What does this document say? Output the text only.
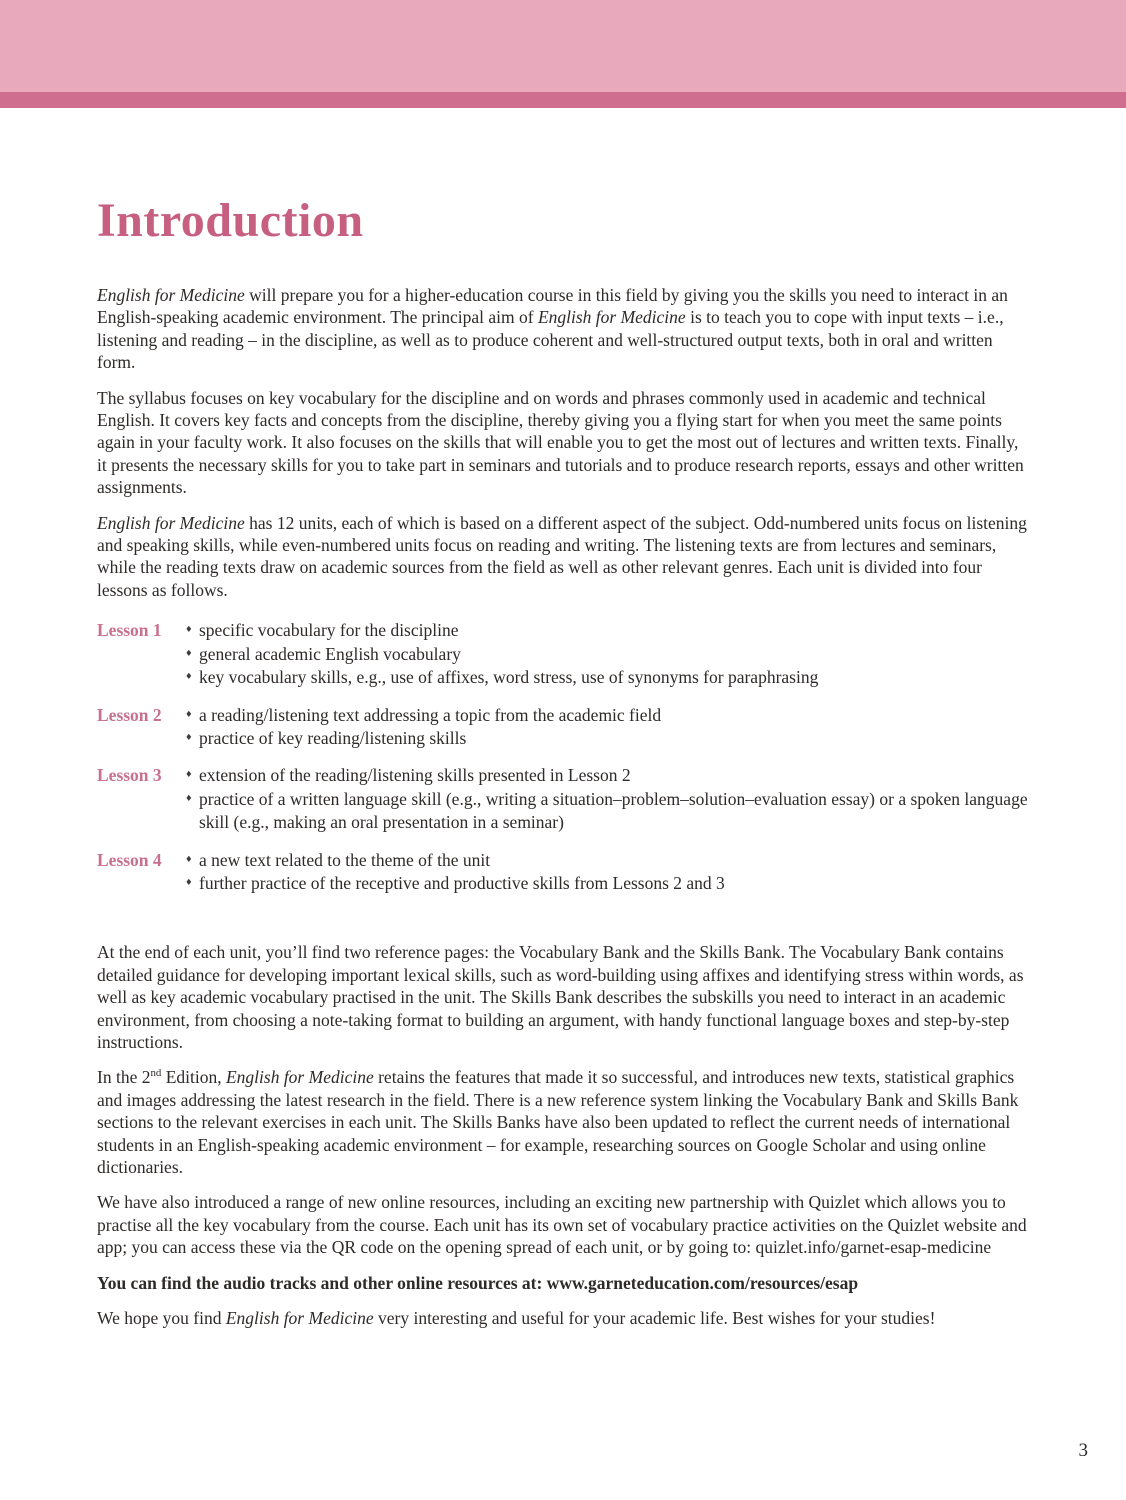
Introduction

English for Medicine will prepare you for a higher-education course in this field by giving you the skills you need to interact in an English-speaking academic environment. The principal aim of English for Medicine is to teach you to cope with input texts – i.e., listening and reading – in the discipline, as well as to produce coherent and well-structured output texts, both in oral and written form.

The syllabus focuses on key vocabulary for the discipline and on words and phrases commonly used in academic and technical English. It covers key facts and concepts from the discipline, thereby giving you a flying start for when you meet the same points again in your faculty work. It also focuses on the skills that will enable you to get the most out of lectures and written texts. Finally, it presents the necessary skills for you to take part in seminars and tutorials and to produce research reports, essays and other written assignments.

English for Medicine has 12 units, each of which is based on a different aspect of the subject. Odd-numbered units focus on listening and speaking skills, while even-numbered units focus on reading and writing. The listening texts are from lectures and seminars, while the reading texts draw on academic sources from the field as well as other relevant genres. Each unit is divided into four lessons as follows.

Lesson 1	♦ specific vocabulary for the discipline
♦ general academic English vocabulary
♦ key vocabulary skills, e.g., use of affixes, word stress, use of synonyms for paraphrasing
Lesson 2	♦ a reading/listening text addressing a topic from the academic field
♦ practice of key reading/listening skills
Lesson 3	♦ extension of the reading/listening skills presented in Lesson 2
♦ practice of a written language skill (e.g., writing a situation–problem–solution–evaluation essay) or a spoken language skill (e.g., making an oral presentation in a seminar)
Lesson 4	♦ a new text related to the theme of the unit
♦ further practice of the receptive and productive skills from Lessons 2 and 3

At the end of each unit, you’ll find two reference pages: the Vocabulary Bank and the Skills Bank. The Vocabulary Bank contains detailed guidance for developing important lexical skills, such as word-building using affixes and identifying stress within words, as well as key academic vocabulary practised in the unit. The Skills Bank describes the subskills you need to interact in an academic environment, from choosing a note-taking format to building an argument, with handy functional language boxes and step-by-step instructions.

In the 2nd Edition, English for Medicine retains the features that made it so successful, and introduces new texts, statistical graphics and images addressing the latest research in the field. There is a new reference system linking the Vocabulary Bank and Skills Bank sections to the relevant exercises in each unit. The Skills Banks have also been updated to reflect the current needs of international students in an English-speaking academic environment – for example, researching sources on Google Scholar and using online dictionaries.

We have also introduced a range of new online resources, including an exciting new partnership with Quizlet which allows you to practise all the key vocabulary from the course. Each unit has its own set of vocabulary practice activities on the Quizlet website and app; you can access these via the QR code on the opening spread of each unit, or by going to: quizlet.info/garnet-esap-medicine

You can find the audio tracks and other online resources at: www.garneteducation.com/resources/esap

We hope you find English for Medicine very interesting and useful for your academic life. Best wishes for your studies!

3
